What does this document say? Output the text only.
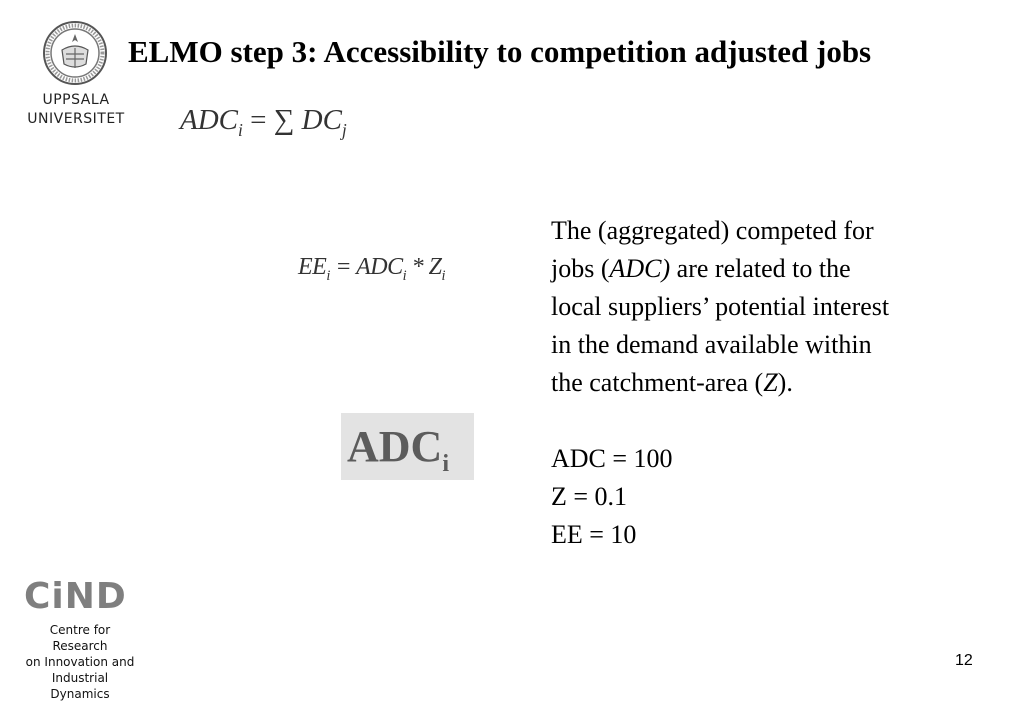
UPPSALA
UNIVERSITET
ELMO step 3: Accessibility to competition adjusted jobs
$ADC_i$ = ∑ $DC_j$
$EE_i = ADC_i * Z_i$
$ADC_i$

The (aggregated) competed for

jobs (ADC) are related to the

local suppliers’ potential interest

in the demand available within

the catchment-area (Z).

ADC = 100
Z = 0.1
EE = 10
CiND
Centre for Research
on Innovation and
Industrial Dynamics
12
